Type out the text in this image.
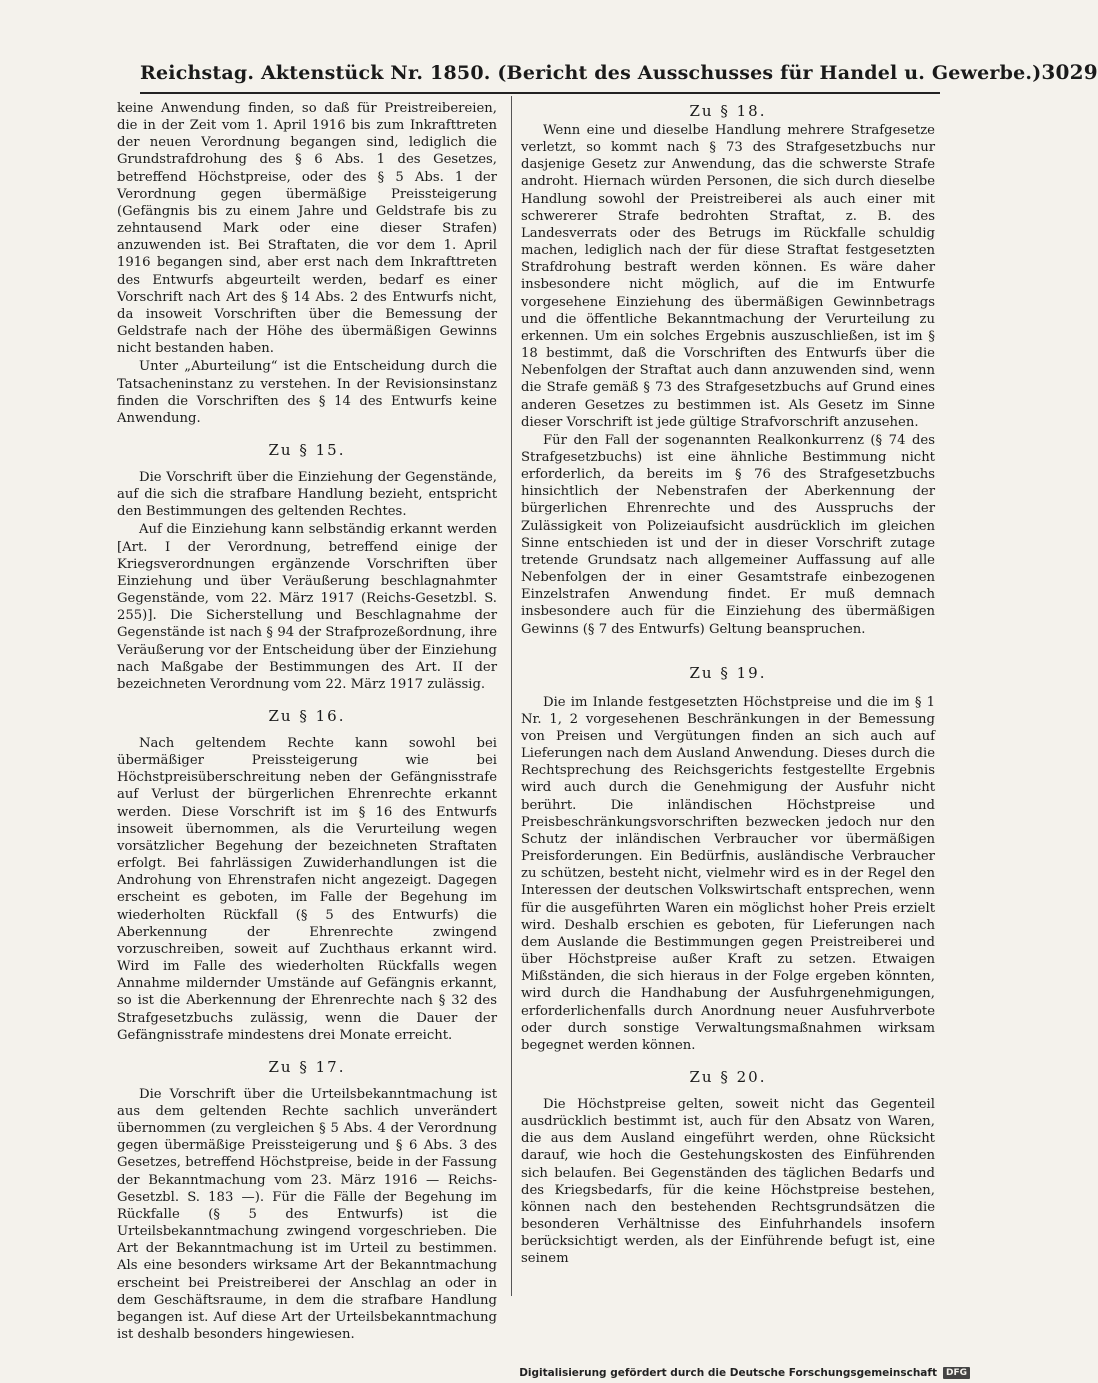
Reichstag. Aktenstück Nr. 1850. (Bericht des Ausschusses für Handel u. Gewerbe.) 3029

keine Anwendung finden, so daß für Preistreibereien, die in der Zeit vom 1. April 1916 bis zum Inkrafttreten der neuen Verordnung begangen sind, lediglich die Grundstrafdrohung des § 6 Abs. 1 des Gesetzes, betreffend Höchstpreise, oder des § 5 Abs. 1 der Verordnung gegen übermäßige Preissteigerung (Gefängnis bis zu einem Jahre und Geldstrafe bis zu zehntausend Mark oder eine dieser Strafen) anzuwenden ist. Bei Straftaten, die vor dem 1. April 1916 begangen sind, aber erst nach dem Inkrafttreten des Entwurfs abgeurteilt werden, bedarf es einer Vorschrift nach Art des § 14 Abs. 2 des Entwurfs nicht, da insoweit Vorschriften über die Bemessung der Geldstrafe nach der Höhe des übermäßigen Gewinns nicht bestanden haben.

Unter „Aburteilung“ ist die Entscheidung durch die Tatsacheninstanz zu verstehen. In der Revisionsinstanz finden die Vorschriften des § 14 des Entwurfs keine Anwendung.

Zu § 15.

Die Vorschrift über die Einziehung der Gegenstände, auf die sich die strafbare Handlung bezieht, entspricht den Bestimmungen des geltenden Rechtes.

Auf die Einziehung kann selbständig erkannt werden [Art. I der Verordnung, betreffend einige der Kriegsverordnungen ergänzende Vorschriften über Einziehung und über Veräußerung beschlagnahmter Gegenstände, vom 22. März 1917 (Reichs-Gesetzbl. S. 255)]. Die Sicherstellung und Beschlagnahme der Gegenstände ist nach § 94 der Strafprozeßordnung, ihre Veräußerung vor der Entscheidung über der Einziehung nach Maßgabe der Bestimmungen des Art. II der bezeichneten Verordnung vom 22. März 1917 zulässig.

Zu § 16.

Nach geltendem Rechte kann sowohl bei übermäßiger Preissteigerung wie bei Höchstpreisüberschreitung neben der Gefängnisstrafe auf Verlust der bürgerlichen Ehrenrechte erkannt werden. Diese Vorschrift ist im § 16 des Entwurfs insoweit übernommen, als die Verurteilung wegen vorsätzlicher Begehung der bezeichneten Straftaten erfolgt. Bei fahrlässigen Zuwiderhandlungen ist die Androhung von Ehrenstrafen nicht angezeigt. Dagegen erscheint es geboten, im Falle der Begehung im wiederholten Rückfall (§ 5 des Entwurfs) die Aberkennung der Ehrenrechte zwingend vorzuschreiben, soweit auf Zuchthaus erkannt wird. Wird im Falle des wiederholten Rückfalls wegen Annahme mildernder Umstände auf Gefängnis erkannt, so ist die Aberkennung der Ehrenrechte nach § 32 des Strafgesetzbuchs zulässig, wenn die Dauer der Gefängnisstrafe mindestens drei Monate erreicht.

Zu § 17.

Die Vorschrift über die Urteilsbekanntmachung ist aus dem geltenden Rechte sachlich unverändert übernommen (zu vergleichen § 5 Abs. 4 der Verordnung gegen übermäßige Preissteigerung und § 6 Abs. 3 des Gesetzes, betreffend Höchstpreise, beide in der Fassung der Bekanntmachung vom 23. März 1916 — Reichs-Gesetzbl. S. 183 —). Für die Fälle der Begehung im Rückfalle (§ 5 des Entwurfs) ist die Urteilsbekanntmachung zwingend vorgeschrieben. Die Art der Bekanntmachung ist im Urteil zu bestimmen. Als eine besonders wirksame Art der Bekanntmachung erscheint bei Preistreiberei der Anschlag an oder in dem Geschäftsraume, in dem die strafbare Handlung begangen ist. Auf diese Art der Urteilsbekanntmachung ist deshalb besonders hingewiesen.

Zu § 18.

Wenn eine und dieselbe Handlung mehrere Strafgesetze verletzt, so kommt nach § 73 des Strafgesetzbuchs nur dasjenige Gesetz zur Anwendung, das die schwerste Strafe androht. Hiernach würden Personen, die sich durch dieselbe Handlung sowohl der Preistreiberei als auch einer mit schwererer Strafe bedrohten Straftat, z. B. des Landesverrats oder des Betrugs im Rückfalle schuldig machen, lediglich nach der für diese Straftat festgesetzten Strafdrohung bestraft werden können. Es wäre daher insbesondere nicht möglich, auf die im Entwurfe vorgesehene Einziehung des übermäßigen Gewinnbetrags und die öffentliche Bekanntmachung der Verurteilung zu erkennen. Um ein solches Ergebnis auszuschließen, ist im § 18 bestimmt, daß die Vorschriften des Entwurfs über die Nebenfolgen der Straftat auch dann anzuwenden sind, wenn die Strafe gemäß § 73 des Strafgesetzbuchs auf Grund eines anderen Gesetzes zu bestimmen ist. Als Gesetz im Sinne dieser Vorschrift ist jede gültige Strafvorschrift anzusehen.

Für den Fall der sogenannten Realkonkurrenz (§ 74 des Strafgesetzbuchs) ist eine ähnliche Bestimmung nicht erforderlich, da bereits im § 76 des Strafgesetzbuchs hinsichtlich der Nebenstrafen der Aberkennung der bürgerlichen Ehrenrechte und des Ausspruchs der Zulässigkeit von Polizeiaufsicht ausdrücklich im gleichen Sinne entschieden ist und der in dieser Vorschrift zutage tretende Grundsatz nach allgemeiner Auffassung auf alle Nebenfolgen der in einer Gesamtstrafe einbezogenen Einzelstrafen Anwendung findet. Er muß demnach insbesondere auch für die Einziehung des übermäßigen Gewinns (§ 7 des Entwurfs) Geltung beanspruchen.

Zu § 19.

Die im Inlande festgesetzten Höchstpreise und die im § 1 Nr. 1, 2 vorgesehenen Beschränkungen in der Bemessung von Preisen und Vergütungen finden an sich auch auf Lieferungen nach dem Ausland Anwendung. Dieses durch die Rechtsprechung des Reichsgerichts festgestellte Ergebnis wird auch durch die Genehmigung der Ausfuhr nicht berührt. Die inländischen Höchstpreise und Preisbeschränkungsvorschriften bezwecken jedoch nur den Schutz der inländischen Verbraucher vor übermäßigen Preisforderungen. Ein Bedürfnis, ausländische Verbraucher zu schützen, besteht nicht, vielmehr wird es in der Regel den Interessen der deutschen Volkswirtschaft entsprechen, wenn für die ausgeführten Waren ein möglichst hoher Preis erzielt wird. Deshalb erschien es geboten, für Lieferungen nach dem Auslande die Bestimmungen gegen Preistreiberei und über Höchstpreise außer Kraft zu setzen. Etwaigen Mißständen, die sich hieraus in der Folge ergeben könnten, wird durch die Handhabung der Ausfuhrgenehmigungen, erforderlichenfalls durch Anordnung neuer Ausfuhrverbote oder durch sonstige Verwaltungsmaßnahmen wirksam begegnet werden können.

Zu § 20.

Die Höchstpreise gelten, soweit nicht das Gegenteil ausdrücklich bestimmt ist, auch für den Absatz von Waren, die aus dem Ausland eingeführt werden, ohne Rücksicht darauf, wie hoch die Gestehungskosten des Einführenden sich belaufen. Bei Gegenständen des täglichen Bedarfs und des Kriegsbedarfs, für die keine Höchstpreise bestehen, können nach den bestehenden Rechtsgrundsätzen die besonderen Verhältnisse des Einfuhrhandels insofern berücksichtigt werden, als der Einführende befugt ist, eine seinem

Digitalisierung gefördert durch die Deutsche Forschungsgemeinschaft	DFG
